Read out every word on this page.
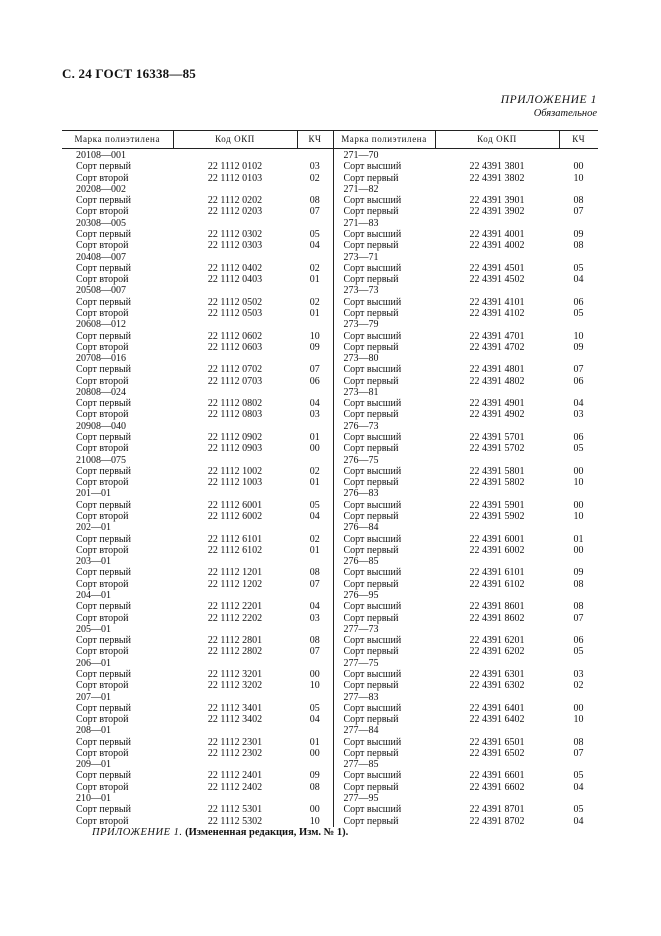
С. 24 ГОСТ 16338—85
ПРИЛОЖЕНИЕ 1
Обязательное
Марка полиэтилена	Код ОКП	КЧ	Марка полиэтилена	Код ОКП	КЧ
20108—001			271—70		
Сорт первый	22 1112 0102	03	Сорт высший	22 4391 3801	00
Сорт второй	22 1112 0103	02	Сорт первый	22 4391 3802	10
20208—002			271—82		
Сорт первый	22 1112 0202	08	Сорт высший	22 4391 3901	08
Сорт второй	22 1112 0203	07	Сорт первый	22 4391 3902	07
20308—005			271—83		
Сорт первый	22 1112 0302	05	Сорт высший	22 4391 4001	09
Сорт второй	22 1112 0303	04	Сорт первый	22 4391 4002	08
20408—007			273—71		
Сорт первый	22 1112 0402	02	Сорт высший	22 4391 4501	05
Сорт второй	22 1112 0403	01	Сорт первый	22 4391 4502	04
20508—007			273—73		
Сорт первый	22 1112 0502	02	Сорт высший	22 4391 4101	06
Сорт второй	22 1112 0503	01	Сорт первый	22 4391 4102	05
20608—012			273—79		
Сорт первый	22 1112 0602	10	Сорт высший	22 4391 4701	10
Сорт второй	22 1112 0603	09	Сорт первый	22 4391 4702	09
20708—016			273—80		
Сорт первый	22 1112 0702	07	Сорт высший	22 4391 4801	07
Сорт второй	22 1112 0703	06	Сорт первый	22 4391 4802	06
20808—024			273—81		
Сорт первый	22 1112 0802	04	Сорт высший	22 4391 4901	04
Сорт второй	22 1112 0803	03	Сорт первый	22 4391 4902	03
20908—040			276—73		
Сорт первый	22 1112 0902	01	Сорт высший	22 4391 5701	06
Сорт второй	22 1112 0903	00	Сорт первый	22 4391 5702	05
21008—075			276—75		
Сорт первый	22 1112 1002	02	Сорт высший	22 4391 5801	00
Сорт второй	22 1112 1003	01	Сорт первый	22 4391 5802	10
201—01			276—83		
Сорт первый	22 1112 6001	05	Сорт высший	22 4391 5901	00
Сорт второй	22 1112 6002	04	Сорт первый	22 4391 5902	10
202—01			276—84		
Сорт первый	22 1112 6101	02	Сорт высший	22 4391 6001	01
Сорт второй	22 1112 6102	01	Сорт первый	22 4391 6002	00
203—01			276—85		
Сорт первый	22 1112 1201	08	Сорт высший	22 4391 6101	09
Сорт второй	22 1112 1202	07	Сорт первый	22 4391 6102	08
204—01			276—95		
Сорт первый	22 1112 2201	04	Сорт высший	22 4391 8601	08
Сорт второй	22 1112 2202	03	Сорт первый	22 4391 8602	07
205—01			277—73		
Сорт первый	22 1112 2801	08	Сорт высший	22 4391 6201	06
Сорт второй	22 1112 2802	07	Сорт первый	22 4391 6202	05
206—01			277—75		
Сорт первый	22 1112 3201	00	Сорт высший	22 4391 6301	03
Сорт второй	22 1112 3202	10	Сорт первый	22 4391 6302	02
207—01			277—83		
Сорт первый	22 1112 3401	05	Сорт высший	22 4391 6401	00
Сорт второй	22 1112 3402	04	Сорт первый	22 4391 6402	10
208—01			277—84		
Сорт первый	22 1112 2301	01	Сорт высший	22 4391 6501	08
Сорт второй	22 1112 2302	00	Сорт первый	22 4391 6502	07
209—01			277—85		
Сорт первый	22 1112 2401	09	Сорт высший	22 4391 6601	05
Сорт второй	22 1112 2402	08	Сорт первый	22 4391 6602	04
210—01			277—95		
Сорт первый	22 1112 5301	00	Сорт высший	22 4391 8701	05
Сорт второй	22 1112 5302	10	Сорт первый	22 4391 8702	04
ПРИЛОЖЕНИЕ 1. (Измененная редакция, Изм. № 1).
